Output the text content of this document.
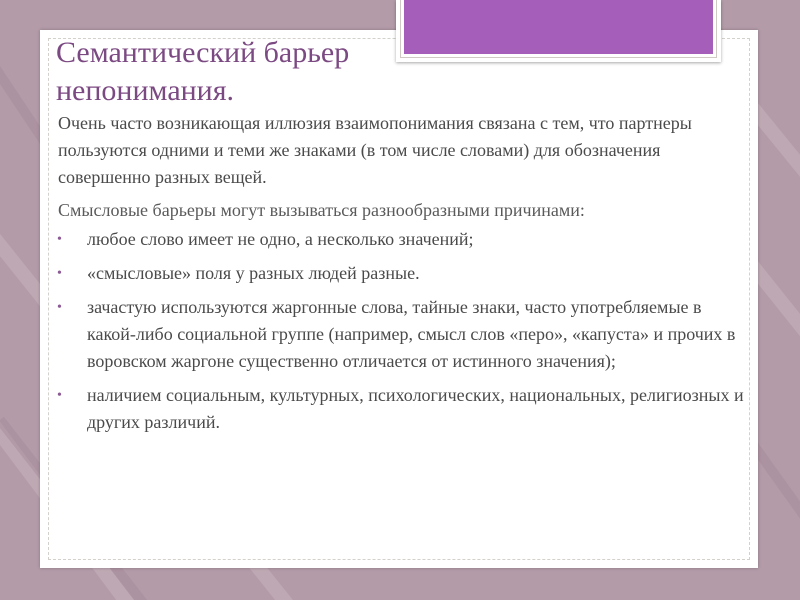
Семантический барьер непонимания.

Очень часто возникающая иллюзия взаимопонимания связана с тем, что партнеры пользуются одними и теми же знаками (в том числе словами) для обозначения совершенно разных вещей.

Смысловые барьеры могут вызываться разнообразными причинами:

• любое слово имеет не одно, а несколько значений;
• «смысловые» поля у разных людей разные.
• зачастую используются жаргонные слова, тайные знаки, часто употребляемые в какой-либо социальной группе (например, смысл слов «перо», «капуста» и прочих в воровском жаргоне существенно отличается от истинного значения);
• наличием социальным, культурных, психологических, национальных, религиозных и других различий.
